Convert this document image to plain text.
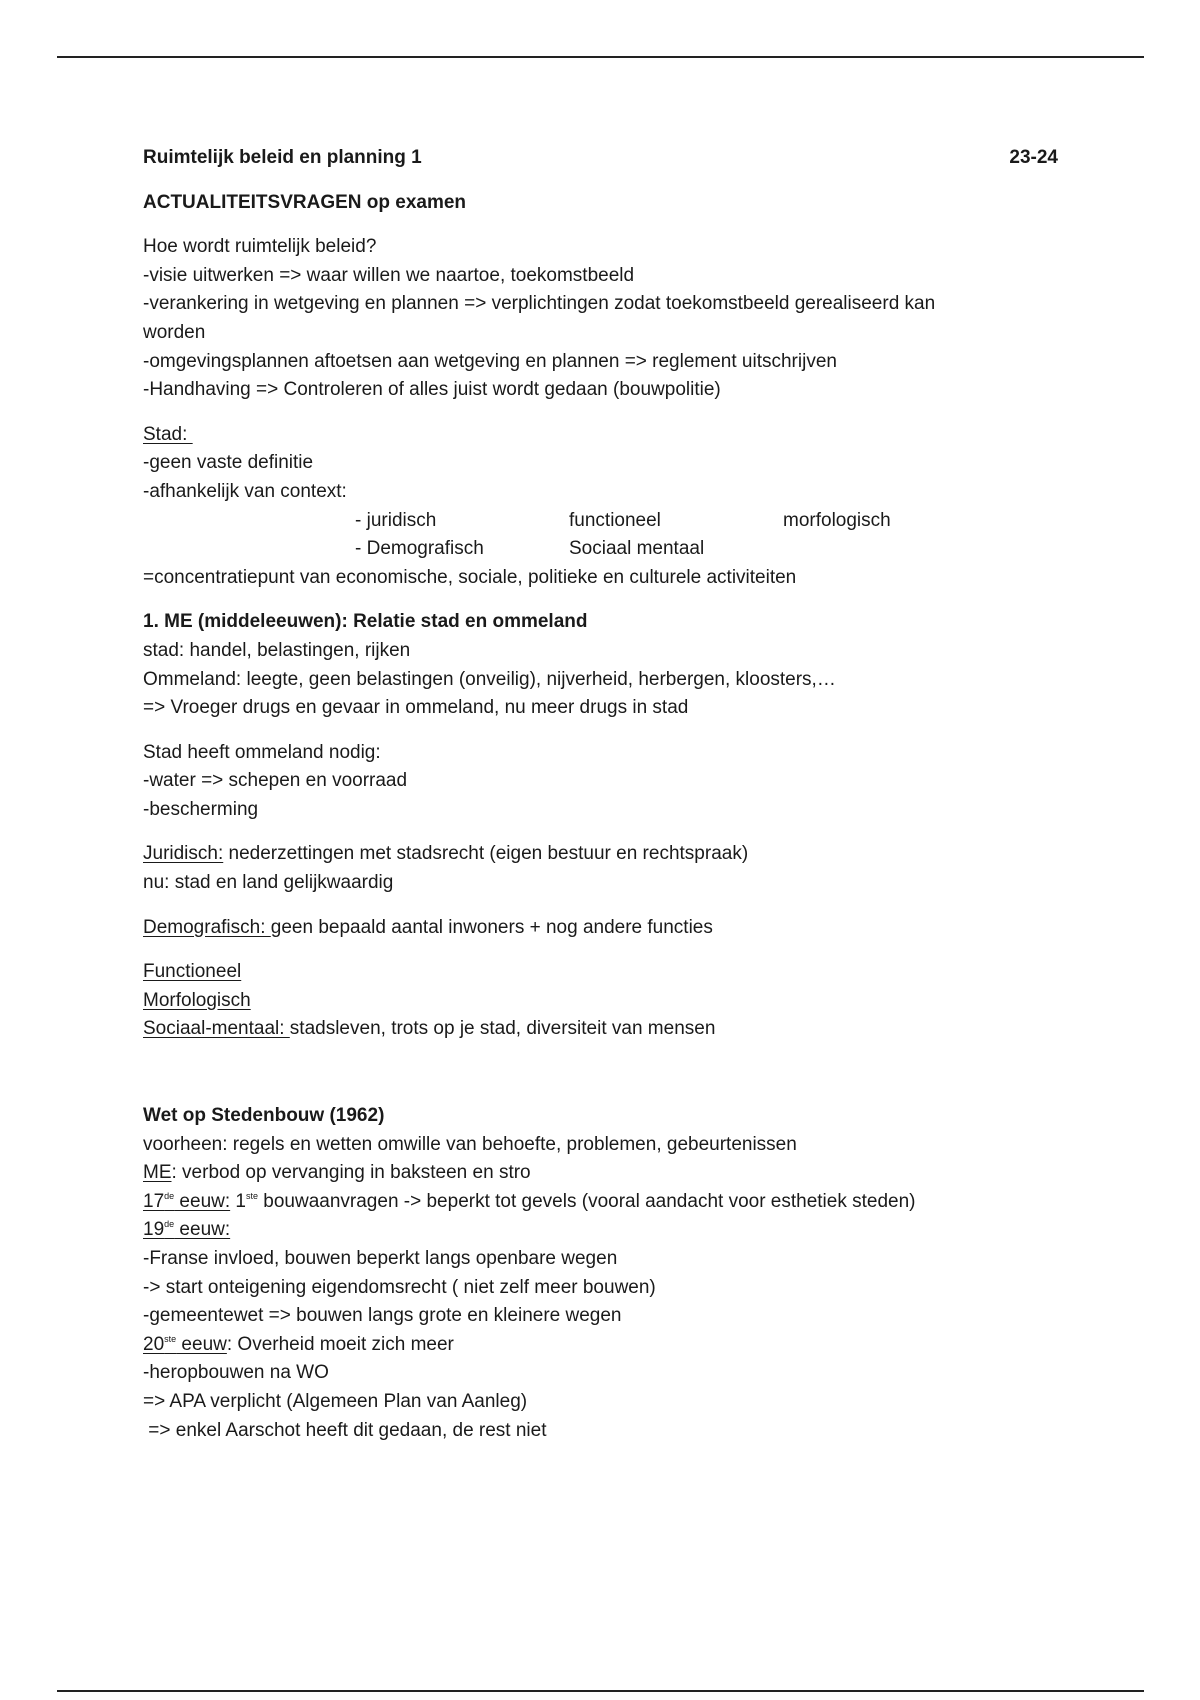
Ruimtelijk beleid en planning 1	23-24
ACTUALITEITSVRAGEN op examen
Hoe wordt ruimtelijk beleid?
-visie uitwerken => waar willen we naartoe, toekomstbeeld
-verankering in wetgeving en plannen => verplichtingen zodat toekomstbeeld gerealiseerd kan
worden
-omgevingsplannen aftoetsen aan wetgeving en plannen => reglement uitschrijven
-Handhaving => Controleren of alles juist wordt gedaan (bouwpolitie)
Stad:
-geen vaste definitie
-afhankelijk van context:
- juridisch	functioneel	morfologisch
- Demografisch	Sociaal mentaal
=concentratiepunt van economische, sociale, politieke en culturele activiteiten
1. ME (middeleeuwen): Relatie stad en ommeland
stad: handel, belastingen, rijken
Ommeland: leegte, geen belastingen (onveilig), nijverheid, herbergen, kloosters,…
=> Vroeger drugs en gevaar in ommeland, nu meer drugs in stad
Stad heeft ommeland nodig:
-water => schepen en voorraad
-bescherming
Juridisch: nederzettingen met stadsrecht (eigen bestuur en rechtspraak)
nu: stad en land gelijkwaardig
Demografisch: geen bepaald aantal inwoners + nog andere functies
Functioneel
Morfologisch
Sociaal-mentaal: stadsleven, trots op je stad, diversiteit van mensen
Wet op Stedenbouw (1962)
voorheen: regels en wetten omwille van behoefte, problemen, gebeurtenissen
ME: verbod op vervanging in baksteen en stro
17de eeuw: 1ste bouwaanvragen -> beperkt tot gevels (vooral aandacht voor esthetiek steden)
19de eeuw:
-Franse invloed, bouwen beperkt langs openbare wegen
-> start onteigening eigendomsrecht ( niet zelf meer bouwen)
-gemeentewet => bouwen langs grote en kleinere wegen
20ste eeuw: Overheid moeit zich meer
-heropbouwen na WO
=> APA verplicht (Algemeen Plan van Aanleg)
=> enkel Aarschot heeft dit gedaan, de rest niet
